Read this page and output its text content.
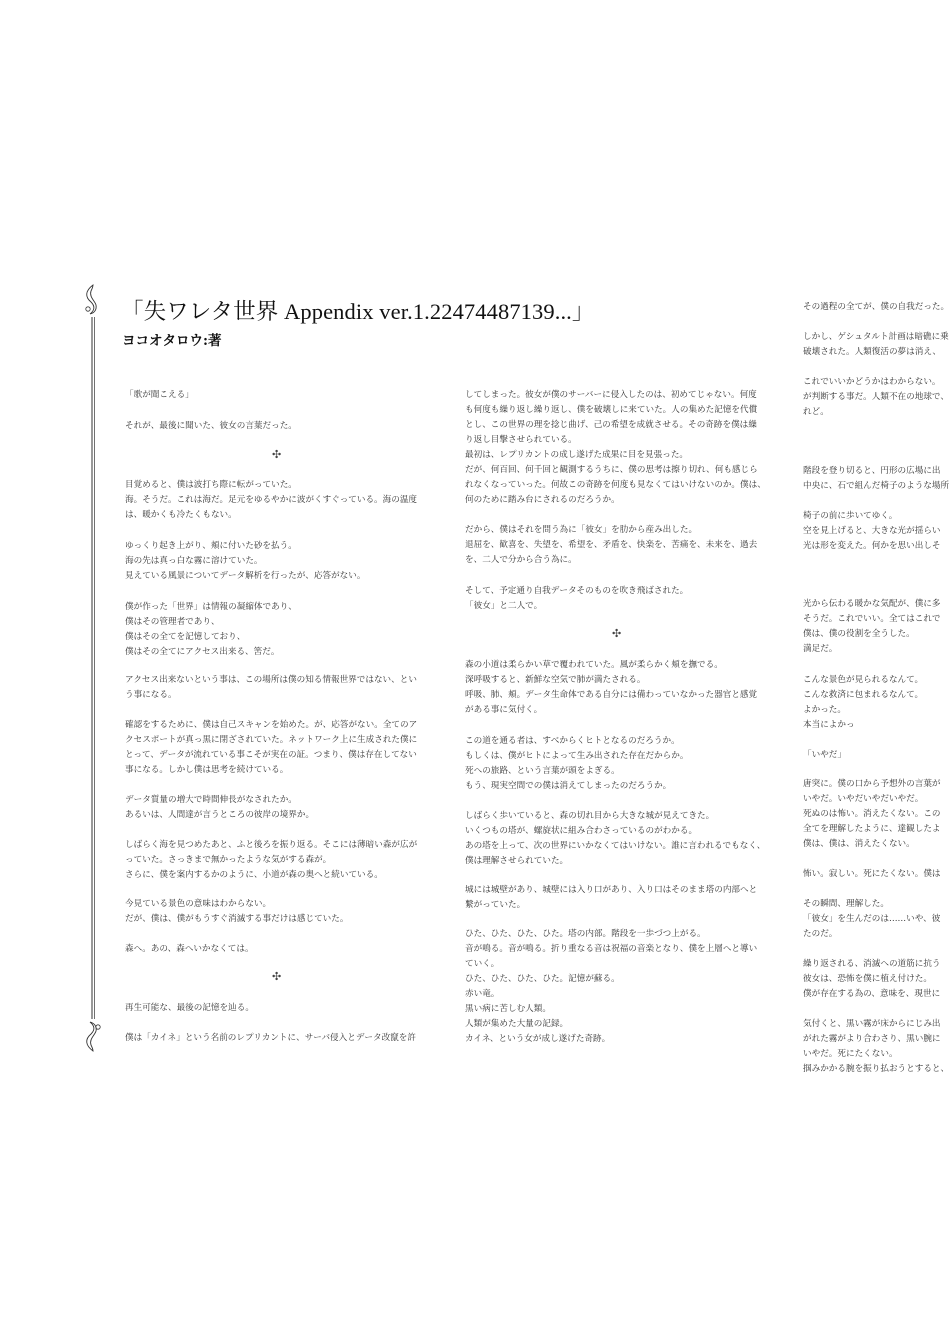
「失ワレタ世界 Appendix ver.1.22474487139...」
ヨコオタロウ:著
「歌が聞こえる」
それが、最後に聞いた、彼女の言葉だった。
目覚めると、僕は波打ち際に転がっていた。
海。そうだ。これは海だ。足元をゆるやかに波がくすぐっている。海の温度
は、暖かくも冷たくもない。
ゆっくり起き上がり、頬に付いた砂を払う。
海の先は真っ白な霧に溶けていた。
見えている風景についてデータ解析を行ったが、応答がない。
僕が作った「世界」は情報の凝縮体であり、
僕はその管理者であり、
僕はその全てを記憶しており、
僕はその全てにアクセス出来る、筈だ。
アクセス出来ないという事は、この場所は僕の知る情報世界ではない、とい
う事になる。
確認をするために、僕は自己スキャンを始めた。が、応答がない。全てのア
クセスポートが真っ黒に閉ざされていた。ネットワーク上に生成された僕に
とって、データが流れている事こそが実在の証。つまり、僕は存在してない
事になる。しかし僕は思考を続けている。
データ質量の増大で時間伸長がなされたか。
あるいは、人間達が言うところの彼岸の境界か。
しばらく海を見つめたあと、ふと後ろを振り返る。そこには薄暗い森が広が
っていた。さっきまで無かったような気がする森が。
さらに、僕を案内するかのように、小道が森の奥へと続いている。
今見ている景色の意味はわからない。
だが、僕は、僕がもうすぐ消滅する事だけは感じていた。
森へ。あの、森へいかなくては。
再生可能な、最後の記憶を辿る。
僕は「カイネ」という名前のレプリカントに、サーバ侵入とデータ改竄を許
✣
✣
してしまった。彼女が僕のサーバーに侵入したのは、初めてじゃない。何度
も何度も繰り返し繰り返し、僕を破壊しに来ていた。人の集めた記憶を代償
とし、この世界の理を捻じ曲げ、己の希望を成就させる。その奇跡を僕は繰
り返し目撃させられている。
最初は、レプリカントの成し遂げた成果に目を見張った。
だが、何百回、何千回と観測するうちに、僕の思考は擦り切れ、何も感じら
れなくなっていった。何故この奇跡を何度も見なくてはいけないのか。僕は、
何のために踏み台にされるのだろうか。
だから、僕はそれを問う為に「彼女」を肋から産み出した。
退屈を、歓喜を、失望を、希望を、矛盾を、快楽を、苦痛を、未来を、過去
を、二人で分から合う為に。
そして、予定通り自我データそのものを吹き飛ばされた。
「彼女」と二人で。
森の小道は柔らかい草で覆われていた。風が柔らかく頬を撫でる。
深呼吸すると、新鮮な空気で肺が満たされる。
呼吸、肺、頬。データ生命体である自分には備わっていなかった器官と感覚
がある事に気付く。
この道を通る者は、すべからくヒトとなるのだろうか。
もしくは、僕がヒトによって生み出された存在だからか。
死への旅路、という言葉が頭をよぎる。
もう、現実空間での僕は消えてしまったのだろうか。
しばらく歩いていると、森の切れ目から大きな城が見えてきた。
いくつもの塔が、螺旋状に組み合わさっているのがわかる。
あの塔を上って、次の世界にいかなくてはいけない。誰に言われるでもなく、
僕は理解させられていた。
城には城壁があり、城壁には入り口があり、入り口はそのまま塔の内部へと
繋がっていた。
ひた、ひた、ひた、ひた。塔の内部。階段を一歩づつ上がる。
音が鳴る。音が鳴る。折り重なる音は祝福の音楽となり、僕を上層へと導い
ていく。
ひた、ひた、ひた、ひた。記憶が蘇る。
赤い竜。
黒い病に苦しむ人類。
人類が集めた大量の記録。
カイネ、という女が成し遂げた奇跡。
✣
その過程の全てが、僕の自我だった。
しかし、ゲシュタルト計画は暗礁に乗
破壊された。人類復活の夢は消え、
これでいいかどうかはわからない。
が判断する事だ。人類不在の地球で、
れど。
階段を登り切ると、円形の広場に出
中央に、石で組んだ椅子のような場所
椅子の前に歩いてゆく。
空を見上げると、大きな光が揺らい
光は形を変えた。何かを思い出しそ
光から伝わる暖かな気配が、僕に多
そうだ。これでいい。全てはこれで
僕は、僕の役割を全うした。
満足だ。
こんな景色が見られるなんて。
こんな救済に包まれるなんて。
よかった。
本当によかっ
「いやだ」
唐突に。僕の口から予想外の言葉が
いやだ。いやだいやだいやだ。
死ぬのは怖い。消えたくない。この
全てを理解したように、達観したよ
僕は、僕は、消えたくない。
怖い。寂しい。死にたくない。僕は
その瞬間、理解した。
「彼女」を生んだのは……いや、彼
たのだ。
繰り返される、消滅への道筋に抗う
彼女は、恐怖を僕に植え付けた。
僕が存在する為の、意味を、現世に
気付くと、黒い霧が床からにじみ出
がれた霧がより合わさり、黒い腕に
いやだ。死にたくない。
掴みかかる腕を振り払おうとすると、
